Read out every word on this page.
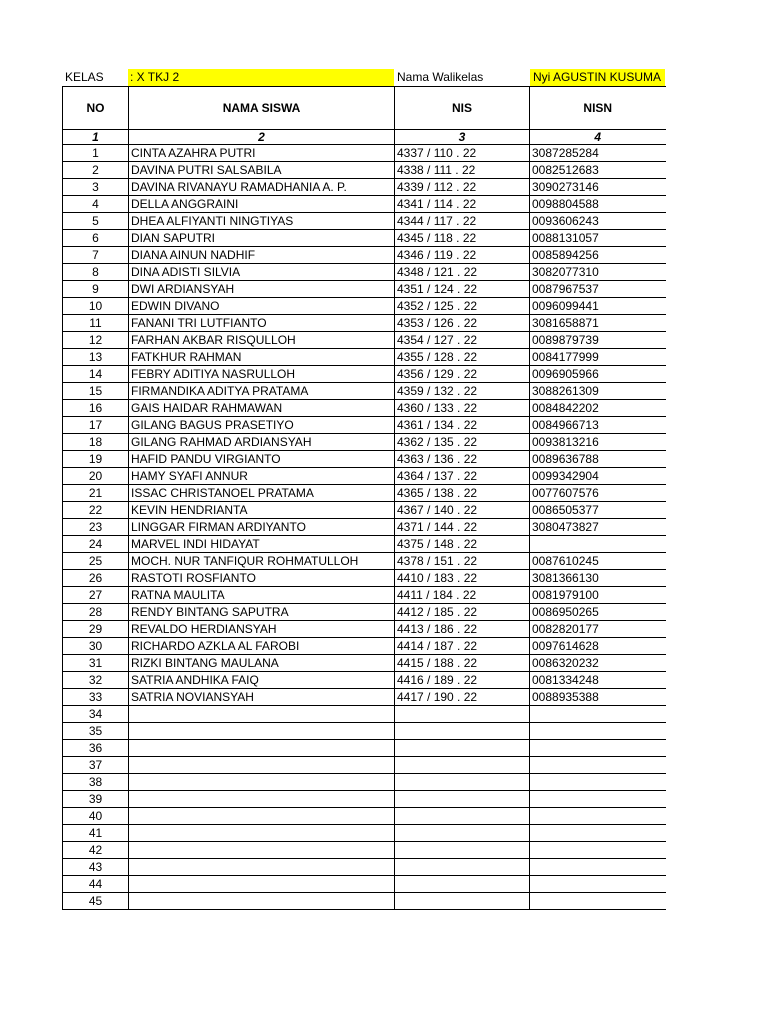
KELAS	: X TKJ 2	Nama Walikelas	Nyi AGUSTIN KUSUMA
NO	NAMA SISWA	NIS	NISN
1	2	3	4
1	CINTA AZAHRA PUTRI	4337 / 110 . 22	3087285284
2	DAVINA PUTRI SALSABILA	4338 / 111 . 22	0082512683
3	DAVINA RIVANAYU RAMADHANIA A. P.	4339 / 112 . 22	3090273146
4	DELLA ANGGRAINI	4341 / 114 . 22	0098804588
5	DHEA ALFIYANTI NINGTIYAS	4344 / 117 . 22	0093606243
6	DIAN SAPUTRI	4345 / 118 . 22	0088131057
7	DIANA AINUN NADHIF	4346 / 119 . 22	0085894256
8	DINA ADISTI SILVIA	4348 / 121 . 22	3082077310
9	DWI ARDIANSYAH	4351 / 124 . 22	0087967537
10	EDWIN DIVANO	4352 / 125 . 22	0096099441
11	FANANI TRI LUTFIANTO	4353 / 126 . 22	3081658871
12	FARHAN AKBAR RISQULLOH	4354 / 127 . 22	0089879739
13	FATKHUR RAHMAN	4355 / 128 . 22	0084177999
14	FEBRY ADITIYA NASRULLOH	4356 / 129 . 22	0096905966
15	FIRMANDIKA ADITYA PRATAMA	4359 / 132 . 22	3088261309
16	GAIS HAIDAR RAHMAWAN	4360 / 133 . 22	0084842202
17	GILANG BAGUS PRASETIYO	4361 / 134 . 22	0084966713
18	GILANG RAHMAD ARDIANSYAH	4362 / 135 . 22	0093813216
19	HAFID PANDU VIRGIANTO	4363 / 136 . 22	0089636788
20	HAMY SYAFI ANNUR	4364 / 137 . 22	0099342904
21	ISSAC CHRISTANOEL PRATAMA	4365 / 138 . 22	0077607576
22	KEVIN HENDRIANTA	4367 / 140 . 22	0086505377
23	LINGGAR FIRMAN ARDIYANTO	4371 / 144 . 22	3080473827
24	MARVEL INDI HIDAYAT	4375 / 148 . 22	
25	MOCH. NUR TANFIQUR ROHMATULLOH	4378 / 151 . 22	0087610245
26	RASTOTI ROSFIANTO	4410 / 183 . 22	3081366130
27	RATNA MAULITA	4411 / 184 . 22	0081979100
28	RENDY BINTANG SAPUTRA	4412 / 185 . 22	0086950265
29	REVALDO HERDIANSYAH	4413 / 186 . 22	0082820177
30	RICHARDO AZKLA AL FAROBI	4414 / 187 . 22	0097614628
31	RIZKI BINTANG MAULANA	4415 / 188 . 22	0086320232
32	SATRIA ANDHIKA FAIQ	4416 / 189 . 22	0081334248
33	SATRIA NOVIANSYAH	4417 / 190 . 22	0088935388
34			
35			
36			
37			
38			
39			
40			
41			
42			
43			
44			
45			
